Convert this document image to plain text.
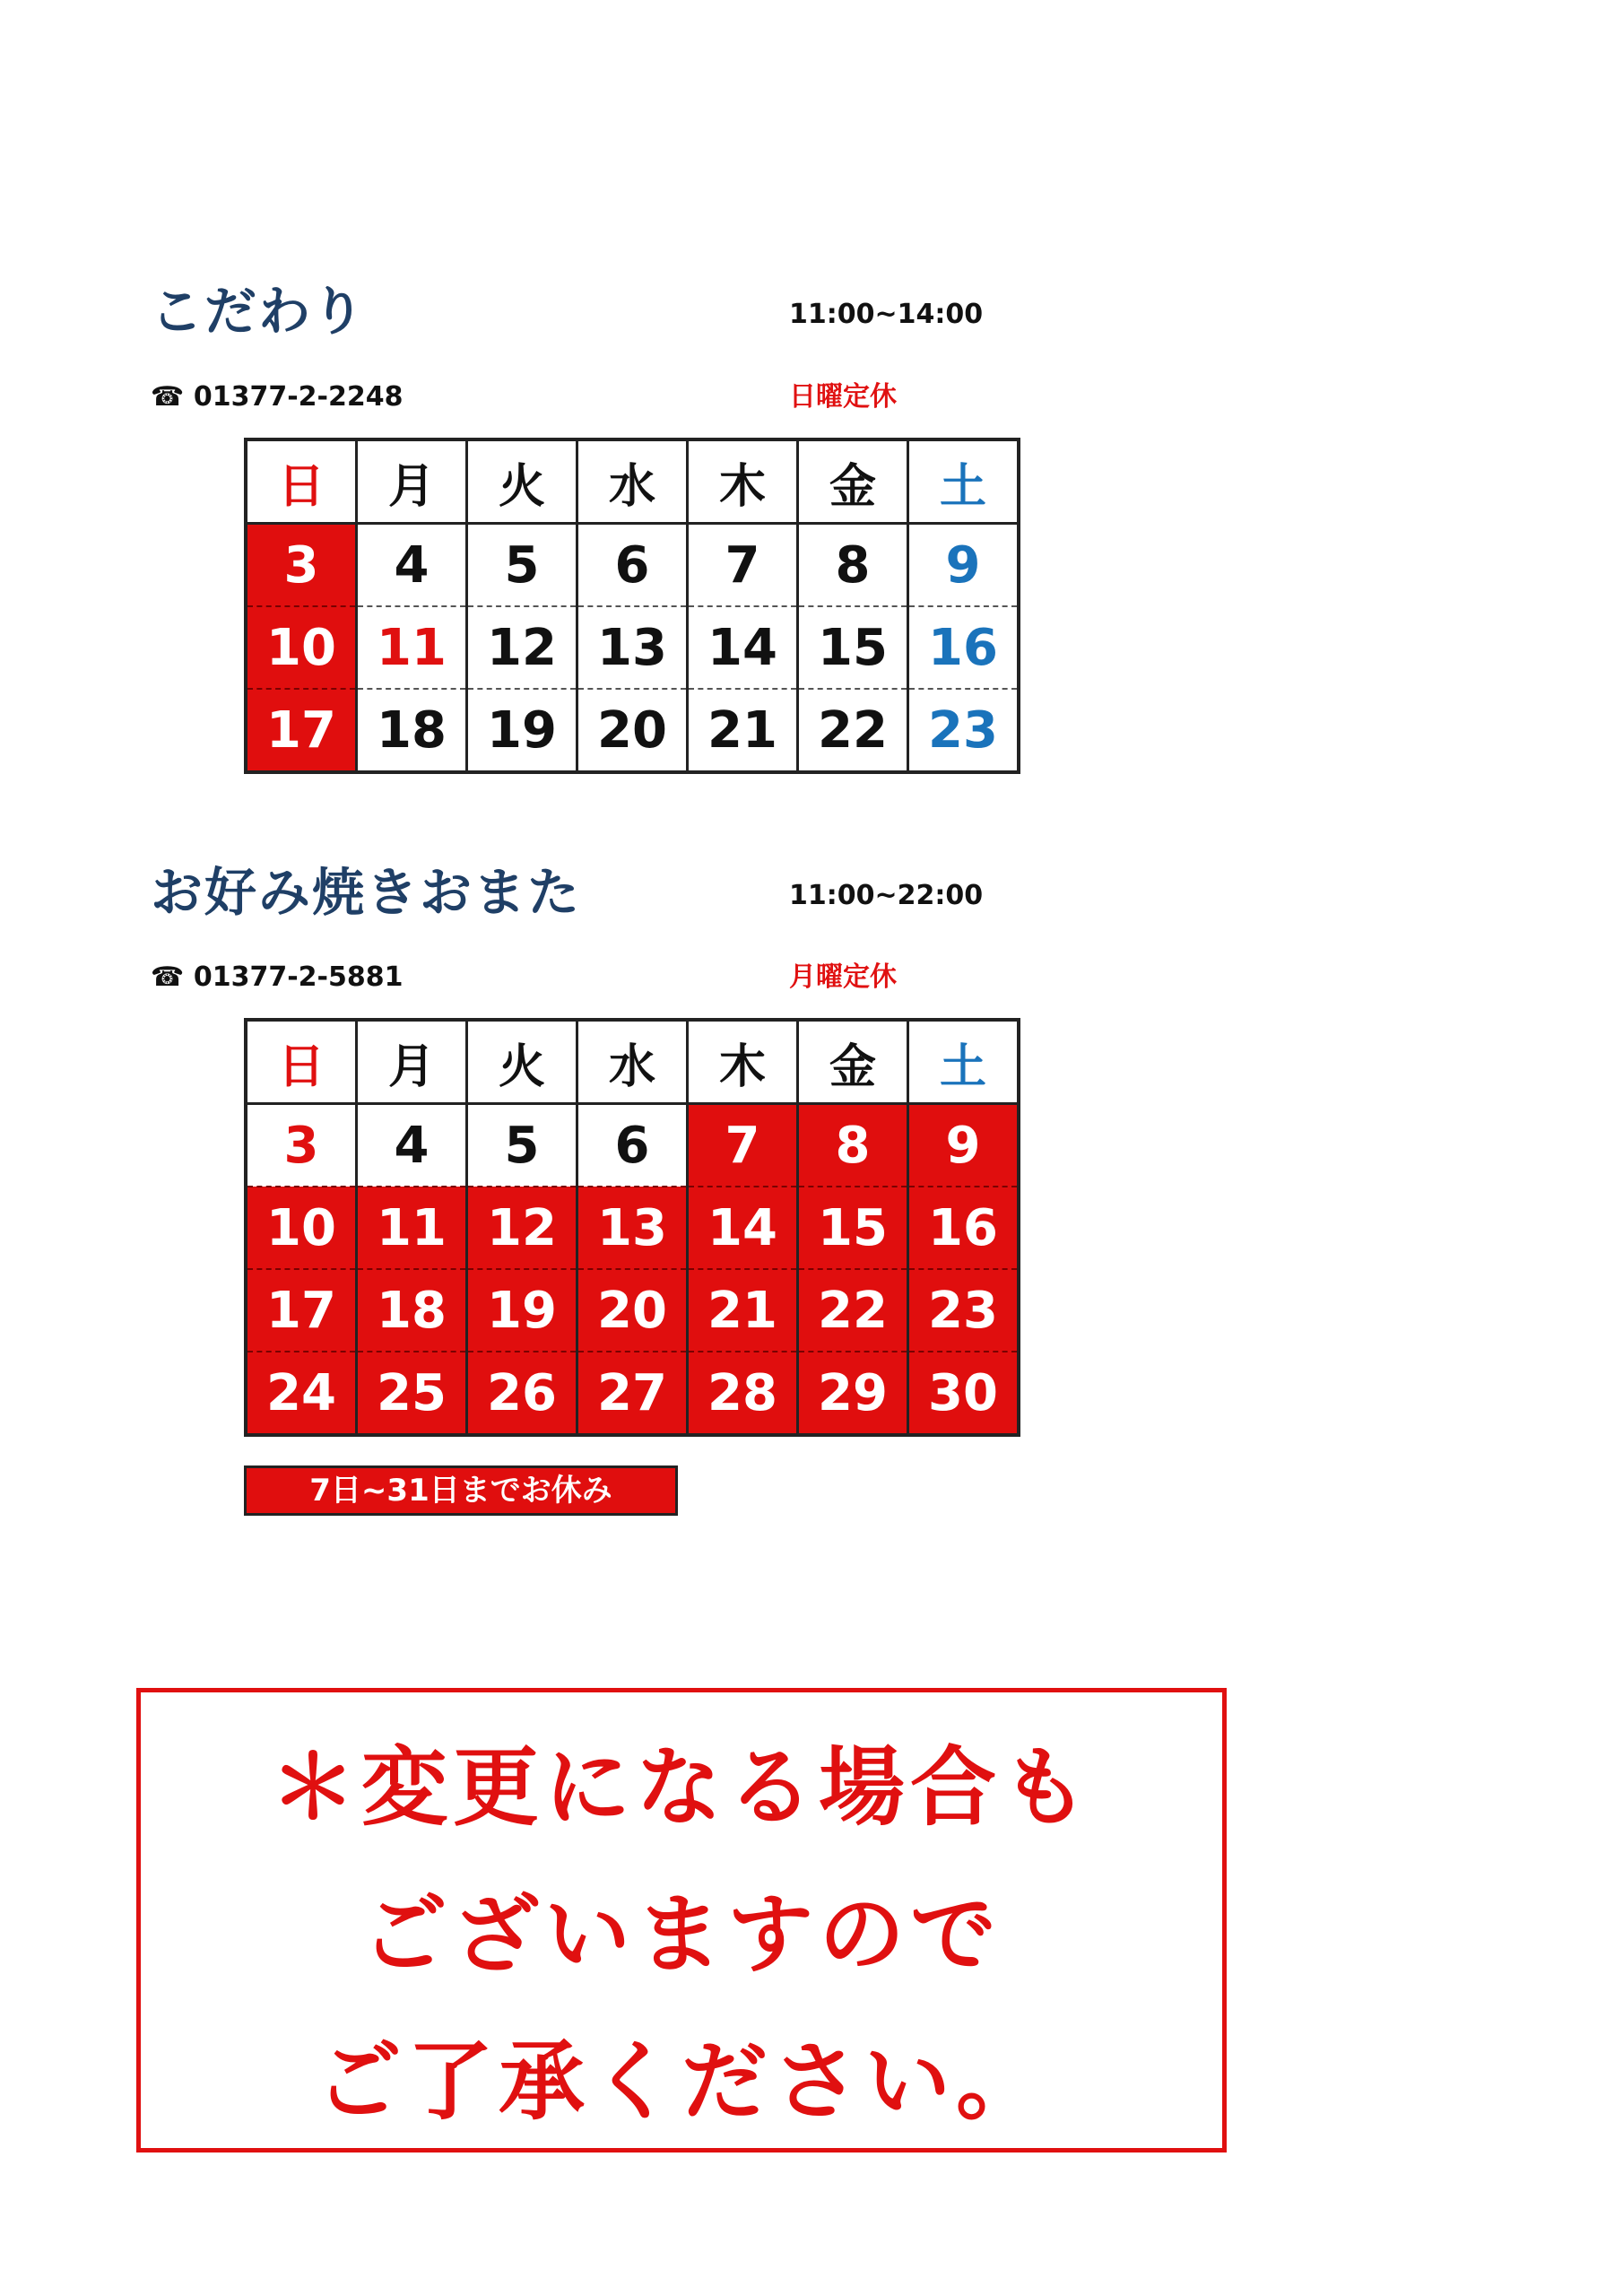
こだわり	11:00~14:00
☎ 01377-2-2248	日曜定休
日	月	火	水	木	金	土
3	4	5	6	7	8	9
10	11	12	13	14	15	16
17	18	19	20	21	22	23
お好み焼きおまた	11:00~22:00
☎ 01377-2-5881	月曜定休
日	月	火	水	木	金	土
3	4	5	6	7	8	9
10	11	12	13	14	15	16
17	18	19	20	21	22	23
24	25	26	27	28	29	30
7日~31日までお休み
＊変更になる場合も
ございますので
ご了承ください。
